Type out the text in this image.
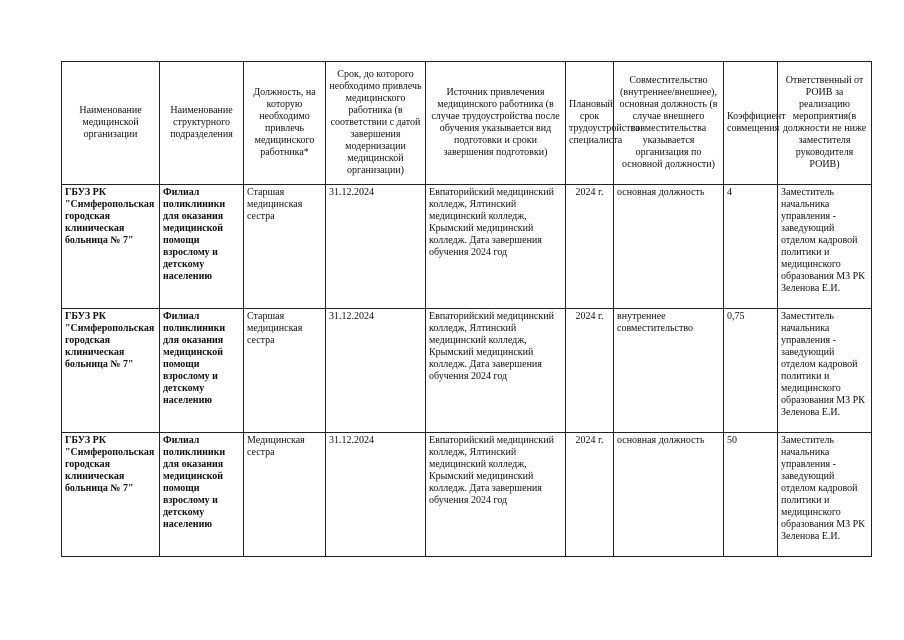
Наименование медицинской организации	Наименование структурного подразделения	Должность, на которую необходимо привлечь медицинского работника*	Срок, до которого необходимо привлечь медицинского работника (в соответствии с датой завершения модернизации медицинской организации)	Источник привлечения медицинского работника (в случае трудоустройства после обучения указывается вид подготовки и сроки завершения подготовки)	Плановый срок трудоустройства специалиста	Совместительство (внутреннее/внешнее), основная должность (в случае внешнего совместительства указывается организация по основной должности)	Коэффициент совмещения	Ответственный от РОИВ за реализацию мероприятия(в должности не ниже заместителя руководителя РОИВ)

ГБУЗ РК
"Симферопольская городская клиническая больница № 7"	Филиал поликлиники для оказания медицинской помощи взрослому и детскому населению	Старшая медицинская сестра	31.12.2024	Евпаторийский медицинский колледж, Ялтинский медицинский колледж, Крымский медицинский колледж. Дата завершения обучения 2024 год	2024 г.	основная должность	4	Заместитель начальника управления - заведующий отделом кадровой политики и медицинского образования МЗ РК Зеленова Е.И.

ГБУЗ РК
"Симферопольская городская клиническая больница № 7"	Филиал поликлиники для оказания медицинской помощи взрослому и детскому населению	Старшая медицинская сестра	31.12.2024	Евпаторийский медицинский колледж, Ялтинский медицинский колледж, Крымский медицинский колледж. Дата завершения обучения 2024 год	2024 г.	внутреннее совместительство	0,75	Заместитель начальника управления - заведующий отделом кадровой политики и медицинского образования МЗ РК Зеленова Е.И.

ГБУЗ РК
"Симферопольская городская клиническая больница № 7"	Филиал поликлиники для оказания медицинской помощи взрослому и детскому населению	Медицинская сестра	31.12.2024	Евпаторийский медицинский колледж, Ялтинский медицинский колледж, Крымский медицинский колледж. Дата завершения обучения 2024 год	2024 г.	основная должность	50	Заместитель начальника управления - заведующий отделом кадровой политики и медицинского образования МЗ РК Зеленова Е.И.
